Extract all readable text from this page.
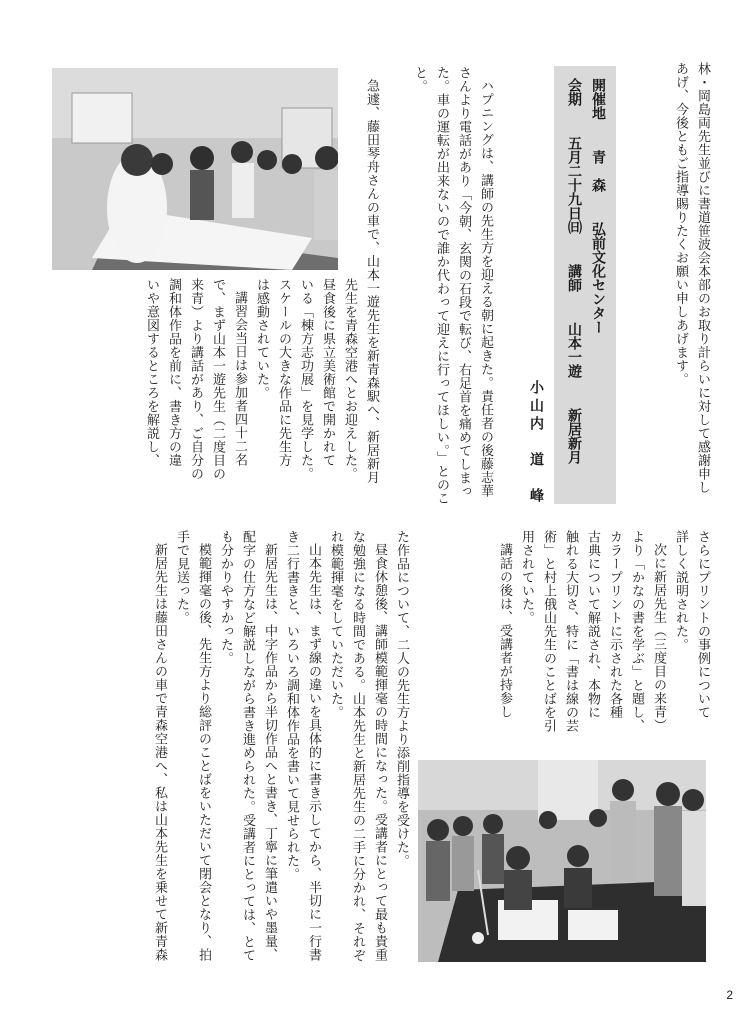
林・岡島両先生並びに書道笹波会本部のお取り計らいに対して感謝申し

あげ、今後ともご指導賜りたくお願い申しあげます。

開催地　 青　森　 弘前文化センター
会期　 五月二十九日㈰　 講師　 山本一遊　 新居新月
小山内　道　峰

ハプニングは、講師の先生方を迎える朝に起きた。責任者の後藤志華

さんより電話があり「今朝、玄関の石段で転び、右足首を痛めてしまっ

た。車の運転が出来ないので誰か代わって迎えに行ってほしい。」とのこ

と。

急遽、藤田琴舟さんの車で、山本一遊先生を新青森駅へ、新居新月

先生を青森空港へとお迎えした。

昼食後に県立美術館で開かれて

いる「棟方志功展」を見学した。

スケールの大きな作品に先生方

は感動されていた。

講習会当日は参加者四十二名

で、まず山本一遊先生（二度目の

来青）より講話があり、ご自分の

調和体作品を前に、書き方の違

いや意図するところを解説し、

さらにプリントの事例について

詳しく説明された。

次に新居先生（三度目の来青）

より「かなの書を学ぶ」と題し、

カラープリントに示された各種

古典について解説され、本物に

触れる大切さ、特に「書は線の芸

術」と村上俄山先生のことばを引

用されていた。

講話の後は、受講者が持参し

た作品について、二人の先生方より添削指導を受けた。

昼食休憩後、講師模範揮毫の時間になった。受講者にとって最も貴重

な勉強になる時間である。山本先生と新居先生の二手に分かれ、それぞ

れ模範揮毫をしていただいた。

山本先生は、まず線の違いを具体的に書き示してから、半切に一行書

き二行書きと、いろいろ調和体作品を書いて見せられた。

新居先生は、中字作品から半切作品へと書き、丁寧に筆遣いや墨量、

配字の仕方など解説しながら書き進められた。受講者にとっては、とて

も分かりやすかった。

模範揮毫の後、先生方より総評のことばをいただいて閉会となり、拍

手で見送った。

新居先生は藤田さんの車で青森空港へ、私は山本先生を乗せて新青森

2
